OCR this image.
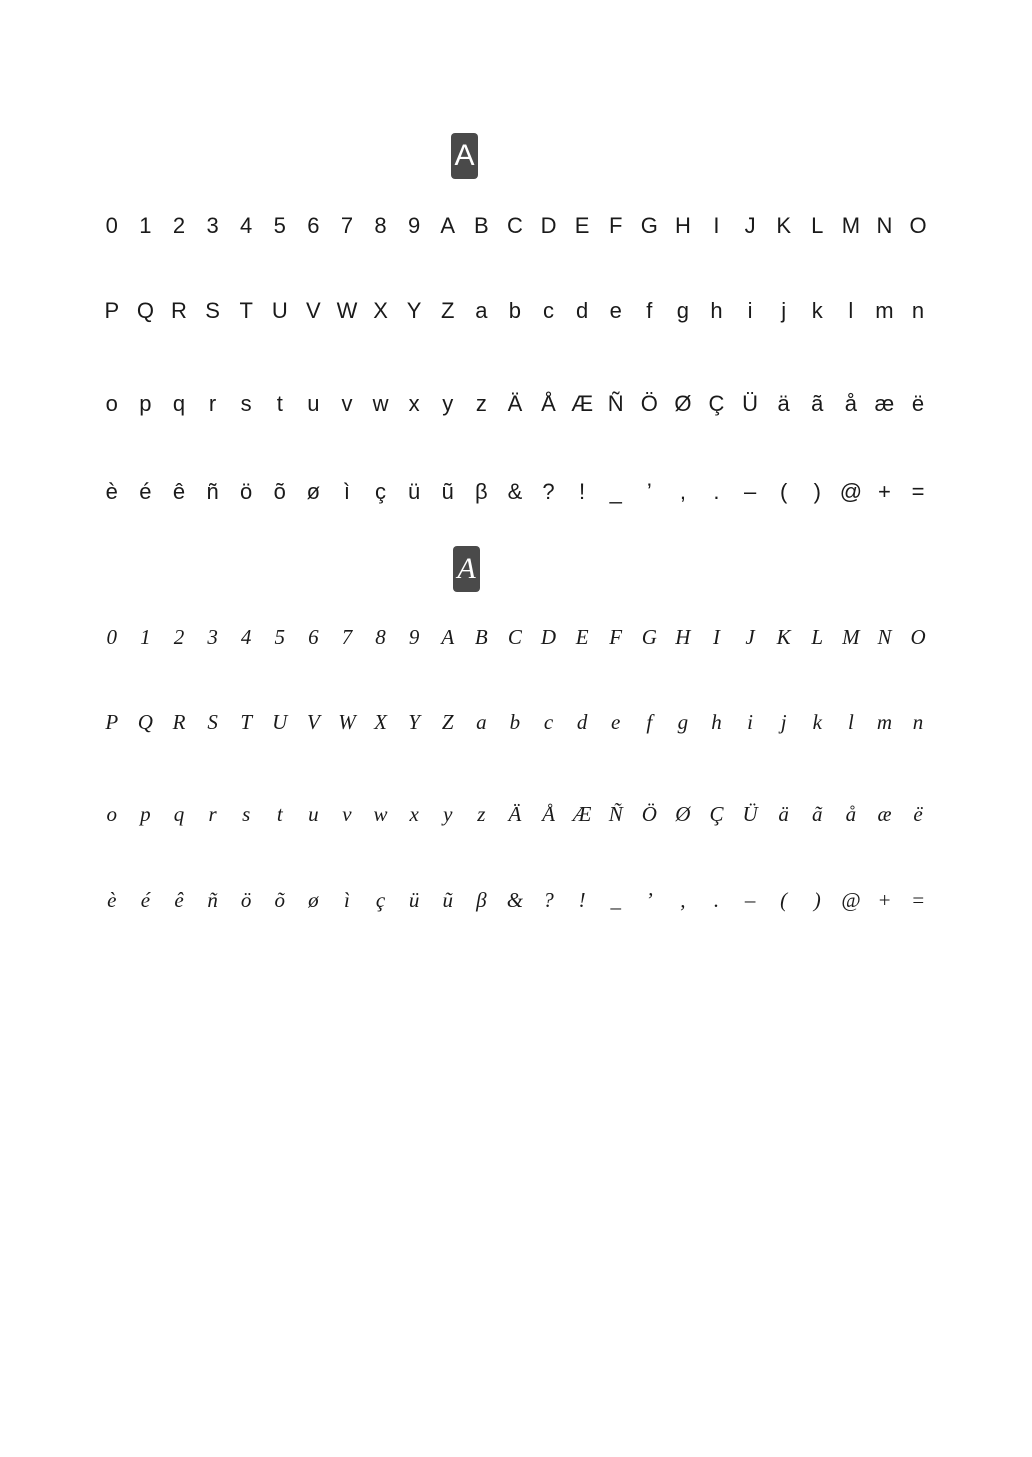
A
0 1 2 3 4 5 6 7 8 9 A B C D E F G H	I	J K L M N O
P Q R S T U V W X Y Z a b c d e	f	g h	i	j	k	l m n
o p q	r	s	t	u v w x	y	z Ä Å Æ Ñ Ö Ø Ç Ü ä ã å æ ë
è é ê ñ ö õ ø	ì	ç ü ũ β & ?	!	_	’	,	.	–	(	) @ + =
A
0	1	2	3	4	5	6	7	8	9	A B C D E F G H	I	J	K L M N O
P Q R	S	T U V W X	Y	Z	a	b	c	d	e	f	g	h	i	j	k	l	m n
o	p	q	r	s	t	u	v	w	x	y	z	Ä Å Æ Ñ Ö Ø Ç Ü ä	ã	å	æ	ë
è	é	ê	ñ	ö	õ	ø	ì	ç	ü	ũ	β & ?	!	_	’	,	.	–	(	) @ + =
